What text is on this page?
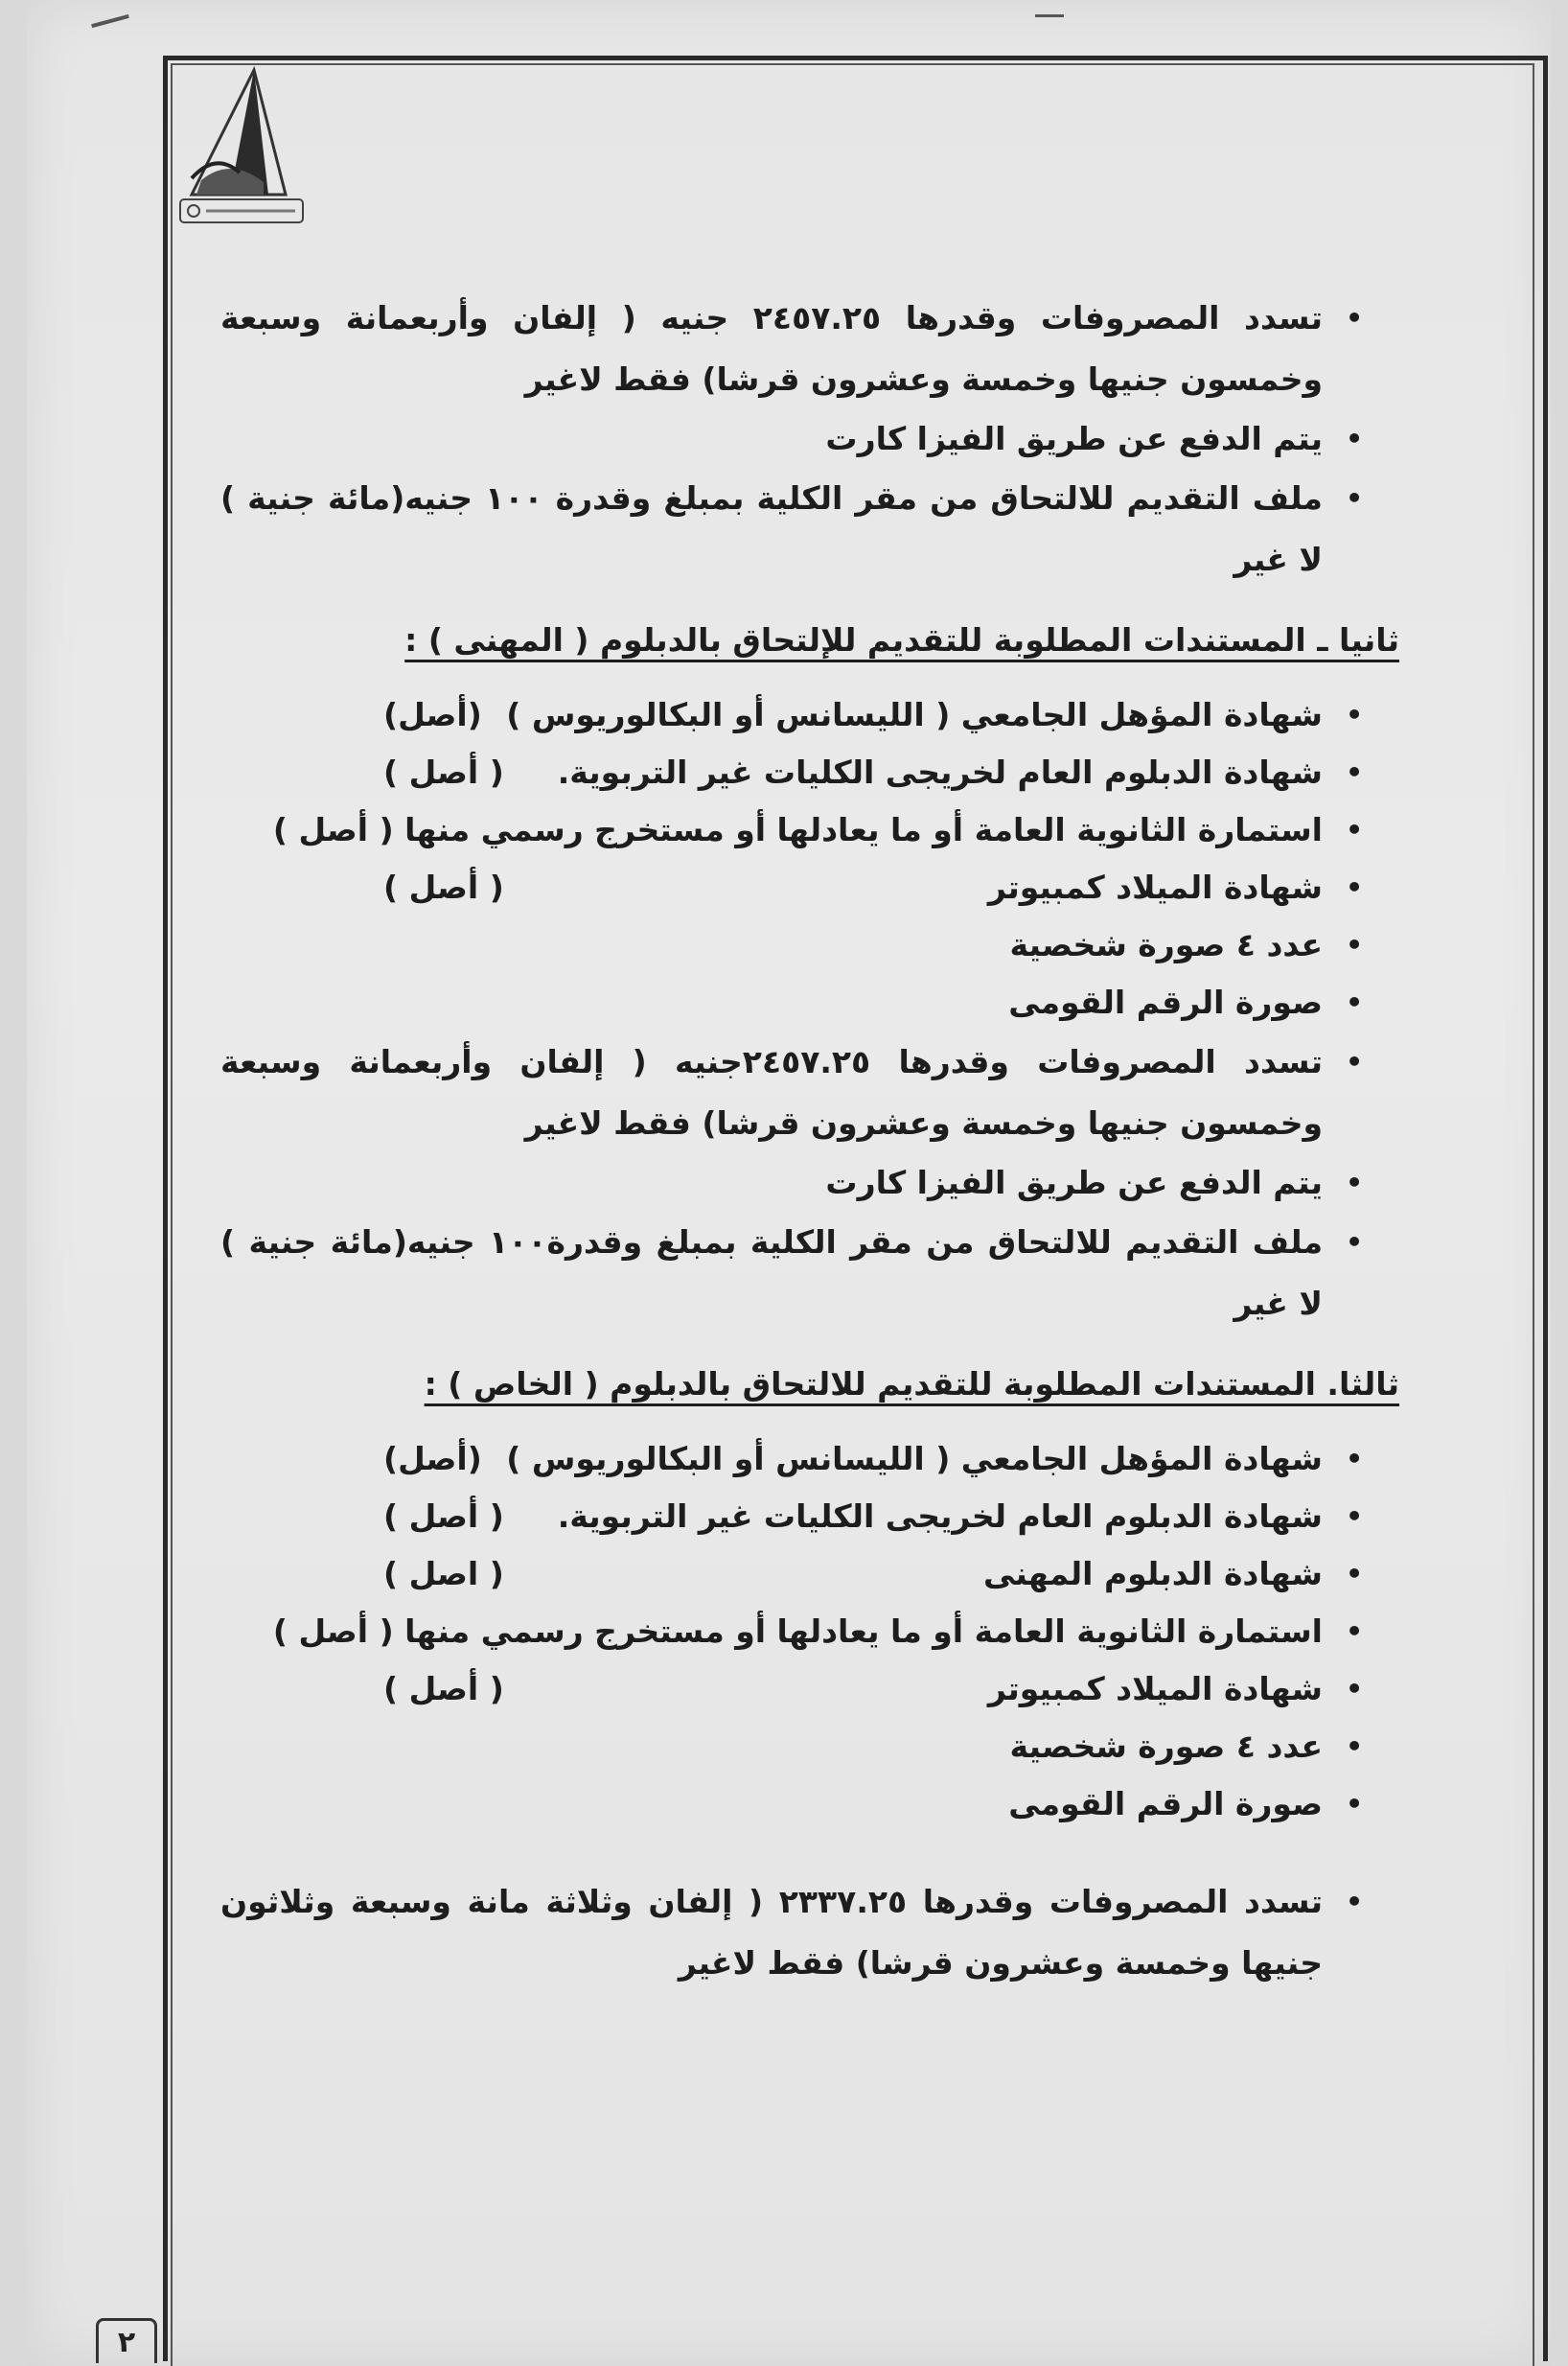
• تسدد المصروفات وقدرها ٢٤٥٧.٢٥ جنيه ( إلفان وأربعمانة وسبعة وخمسون جنيها وخمسة وعشرون قرشا) فقط لاغير
• يتم الدفع عن طريق الفيزا كارت
• ملف التقديم للالتحاق من مقر الكلية بمبلغ وقدرة ١٠٠ جنيه(مائة جنية ) لا غير
ثانيا ـ المستندات المطلوبة للتقديم للإلتحاق بالدبلوم ( المهنى ) :
• شهادة المؤهل الجامعي ( الليسانس أو البكالوريوس )
(أصل)
• شهادة الدبلوم العام لخريجى الكليات غير التربوية.
( أصل )
• استمارة الثانوية العامة أو ما يعادلها أو مستخرج رسمي منها ( أصل )
• شهادة الميلاد كمبيوتر
( أصل )
• عدد ٤ صورة شخصية
• صورة الرقم القومى
• تسدد المصروفات وقدرها ٢٤٥٧.٢٥جنيه ( إلفان وأربعمانة وسبعة وخمسون جنيها وخمسة وعشرون قرشا) فقط لاغير
• يتم الدفع عن طريق الفيزا كارت
• ملف التقديم للالتحاق من مقر الكلية بمبلغ وقدرة١٠٠ جنيه(مائة جنية ) لا غير
ثالثا. المستندات المطلوبة للتقديم للالتحاق بالدبلوم ( الخاص ) :
• شهادة المؤهل الجامعي ( الليسانس أو البكالوريوس )
(أصل)
• شهادة الدبلوم العام لخريجى الكليات غير التربوية.
( أصل )
• شهادة الدبلوم المهنى
( اصل )
• استمارة الثانوية العامة أو ما يعادلها أو مستخرج رسمي منها ( أصل )
• شهادة الميلاد كمبيوتر
( أصل )
• عدد ٤ صورة شخصية
• صورة الرقم القومى
• تسدد المصروفات وقدرها ٢٣٣٧.٢٥ ( إلفان وثلاثة مانة وسبعة وثلاثون جنيها وخمسة وعشرون قرشا) فقط لاغير
٢
